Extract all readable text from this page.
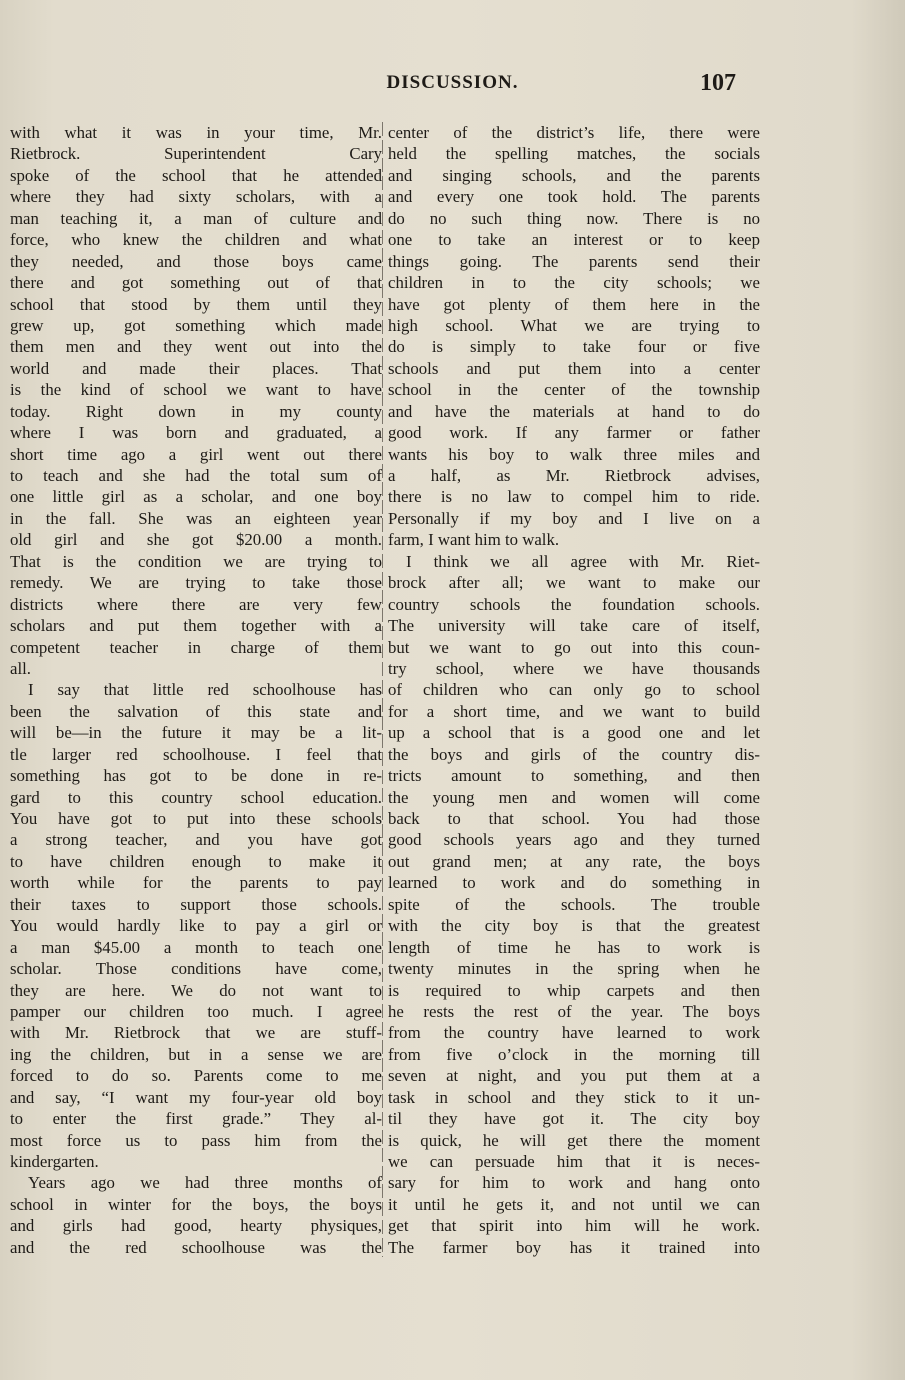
DISCUSSION.	107
with what it was in your time, Mr.
Rietbrock. Superintendent Cary
spoke of the school that he attended
where they had sixty scholars, with a
man teaching it, a man of culture and
force, who knew the children and what
they needed, and those boys came
there and got something out of that
school that stood by them until they
grew up, got something which made
them men and they went out into the
world and made their places. That
is the kind of school we want to have
today. Right down in my county
where I was born and graduated, a
short time ago a girl went out there
to teach and she had the total sum of
one little girl as a scholar, and one boy
in the fall. She was an eighteen year
old girl and she got $20.00 a month.
That is the condition we are trying to
remedy. We are trying to take those
districts where there are very few
scholars and put them together with a
competent teacher in charge of them
all.
I say that little red schoolhouse has
been the salvation of this state and
will be—in the future it may be a lit-
tle larger red schoolhouse. I feel that
something has got to be done in re-
gard to this country school education.
You have got to put into these schools
a strong teacher, and you have got
to have children enough to make it
worth while for the parents to pay
their taxes to support those schools.
You would hardly like to pay a girl or
a man $45.00 a month to teach one
scholar. Those conditions have come,
they are here. We do not want to
pamper our children too much. I agree
with Mr. Rietbrock that we are stuff-
ing the children, but in a sense we are
forced to do so. Parents come to me
and say, “I want my four-year old boy
to enter the first grade.” They al-
most force us to pass him from the
kindergarten.
Years ago we had three months of
school in winter for the boys, the boys
and girls had good, hearty physiques,
and the red schoolhouse was the
center of the district’s life, there were
held the spelling matches, the socials
and singing schools, and the parents
and every one took hold. The parents
do no such thing now. There is no
one to take an interest or to keep
things going. The parents send their
children in to the city schools; we
have got plenty of them here in the
high school. What we are trying to
do is simply to take four or five
schools and put them into a center
school in the center of the township
and have the materials at hand to do
good work. If any farmer or father
wants his boy to walk three miles and
a half, as Mr. Rietbrock advises,
there is no law to compel him to ride.
Personally if my boy and I live on a
farm, I want him to walk.
I think we all agree with Mr. Riet-
brock after all; we want to make our
country schools the foundation schools.
The university will take care of itself,
but we want to go out into this coun-
try school, where we have thousands
of children who can only go to school
for a short time, and we want to build
up a school that is a good one and let
the boys and girls of the country dis-
tricts amount to something, and then
the young men and women will come
back to that school. You had those
good schools years ago and they turned
out grand men; at any rate, the boys
learned to work and do something in
spite of the schools. The trouble
with the city boy is that the greatest
length of time he has to work is
twenty minutes in the spring when he
is required to whip carpets and then
he rests the rest of the year. The boys
from the country have learned to work
from five o’clock in the morning till
seven at night, and you put them at a
task in school and they stick to it un-
til they have got it. The city boy
is quick, he will get there the moment
we can persuade him that it is neces-
sary for him to work and hang onto
it until he gets it, and not until we can
get that spirit into him will he work.
The farmer boy has it trained into
